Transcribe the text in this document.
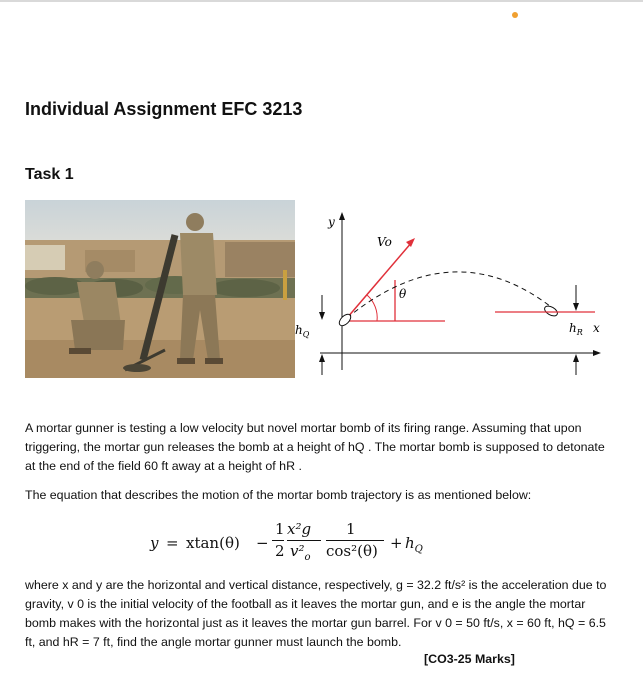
Individual Assignment EFC 3213
Task 1
y
x
Vo
θ
$h_Q$	$h_R$

A mortar gunner is testing a low velocity but novel mortar bomb of its firing range. Assuming that upon triggering, the mortar gun releases the bomb at a height of hQ . The mortar bomb is supposed to detonate at the end of the field 60 ft away at a height of hR .

The equation that describes the motion of the mortar bomb trajectory is as mentioned below:

y = xtan(θ) −
1
2
x²g
$v^2_o$
1
$\cos^2(\theta) + h_Q$

where x and y are the horizontal and vertical distance, respectively, g = 32.2 ft/s² is the acceleration due to gravity, v 0 is the initial velocity of the football as it leaves the mortar gun, and e is the angle the mortar bomb makes with the horizontal just as it leaves the mortar gun barrel. For v 0 = 50 ft/s, x = 60 ft, hQ = 6.5 ft, and hR = 7 ft, find the angle mortar gunner must launch the bomb.

[CO3-25 Marks]
